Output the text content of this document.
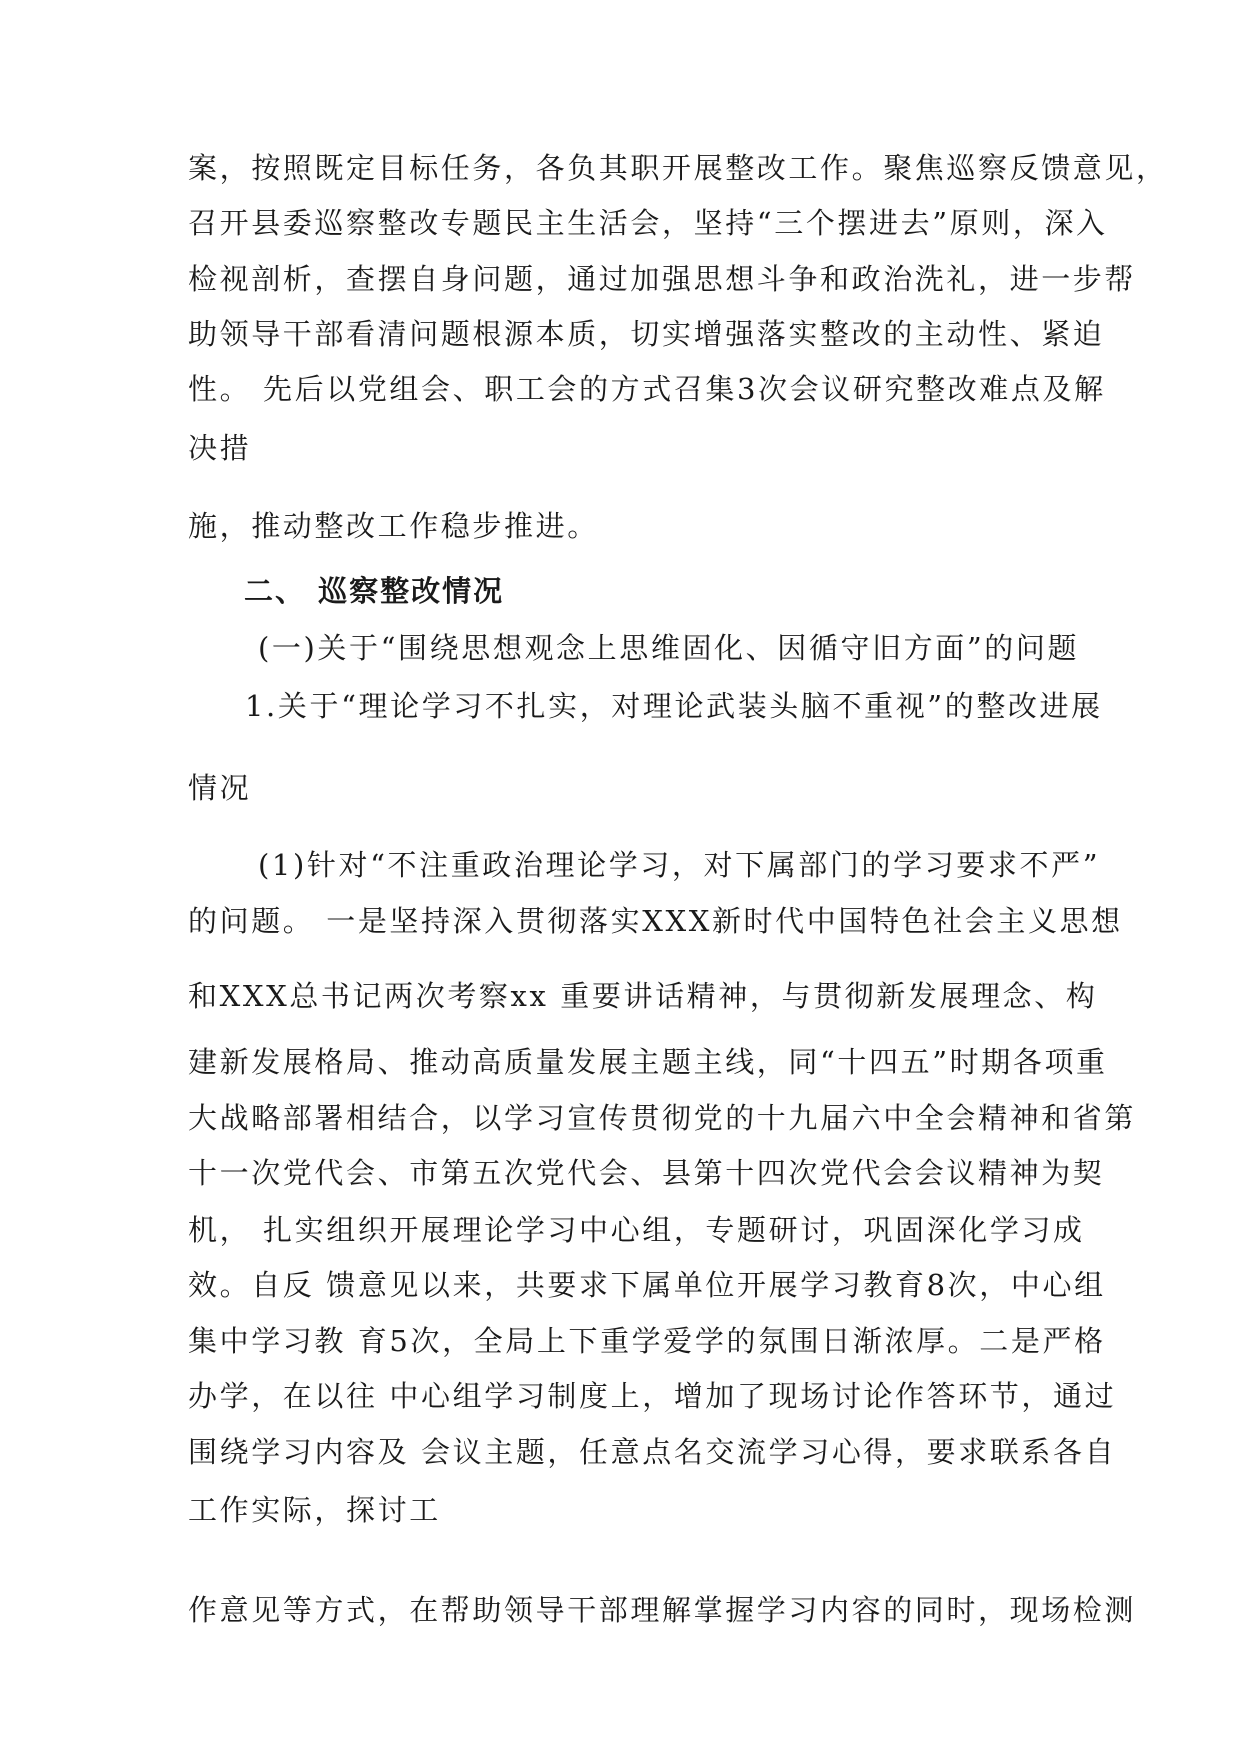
案，按照既定目标任务，各负其职开展整改工作。聚焦巡察反馈意见，
召开县委巡察整改专题民主生活会，坚持“三个摆进去”原则，深入
检视剖析，查摆自身问题，通过加强思想斗争和政治洗礼，进一步帮
助领导干部看清问题根源本质，切实增强落实整改的主动性、紧迫
性。 先后以党组会、职工会的方式召集3次会议研究整改难点及解
决措
施，推动整改工作稳步推进。
二、 巡察整改情况
(一)关于“围绕思想观念上思维固化、因循守旧方面”的问题
1.关于“理论学习不扎实，对理论武装头脑不重视”的整改进展
情况
(1)针对“不注重政治理论学习，对下属部门的学习要求不严”
的问题。 一是坚持深入贯彻落实XXX新时代中国特色社会主义思想
和XXX总书记两次考察xx 重要讲话精神，与贯彻新发展理念、构
建新发展格局、推动高质量发展主题主线，同“十四五”时期各项重
大战略部署相结合，以学习宣传贯彻党的十九届六中全会精神和省第
十一次党代会、市第五次党代会、县第十四次党代会会议精神为契
机， 扎实组织开展理论学习中心组，专题研讨，巩固深化学习成
效。自反 馈意见以来，共要求下属单位开展学习教育8次，中心组
集中学习教 育5次，全局上下重学爱学的氛围日渐浓厚。二是严格
办学，在以往 中心组学习制度上，增加了现场讨论作答环节，通过
围绕学习内容及 会议主题，任意点名交流学习心得，要求联系各自
工作实际，探讨工
作意见等方式，在帮助领导干部理解掌握学习内容的同时，现场检测
